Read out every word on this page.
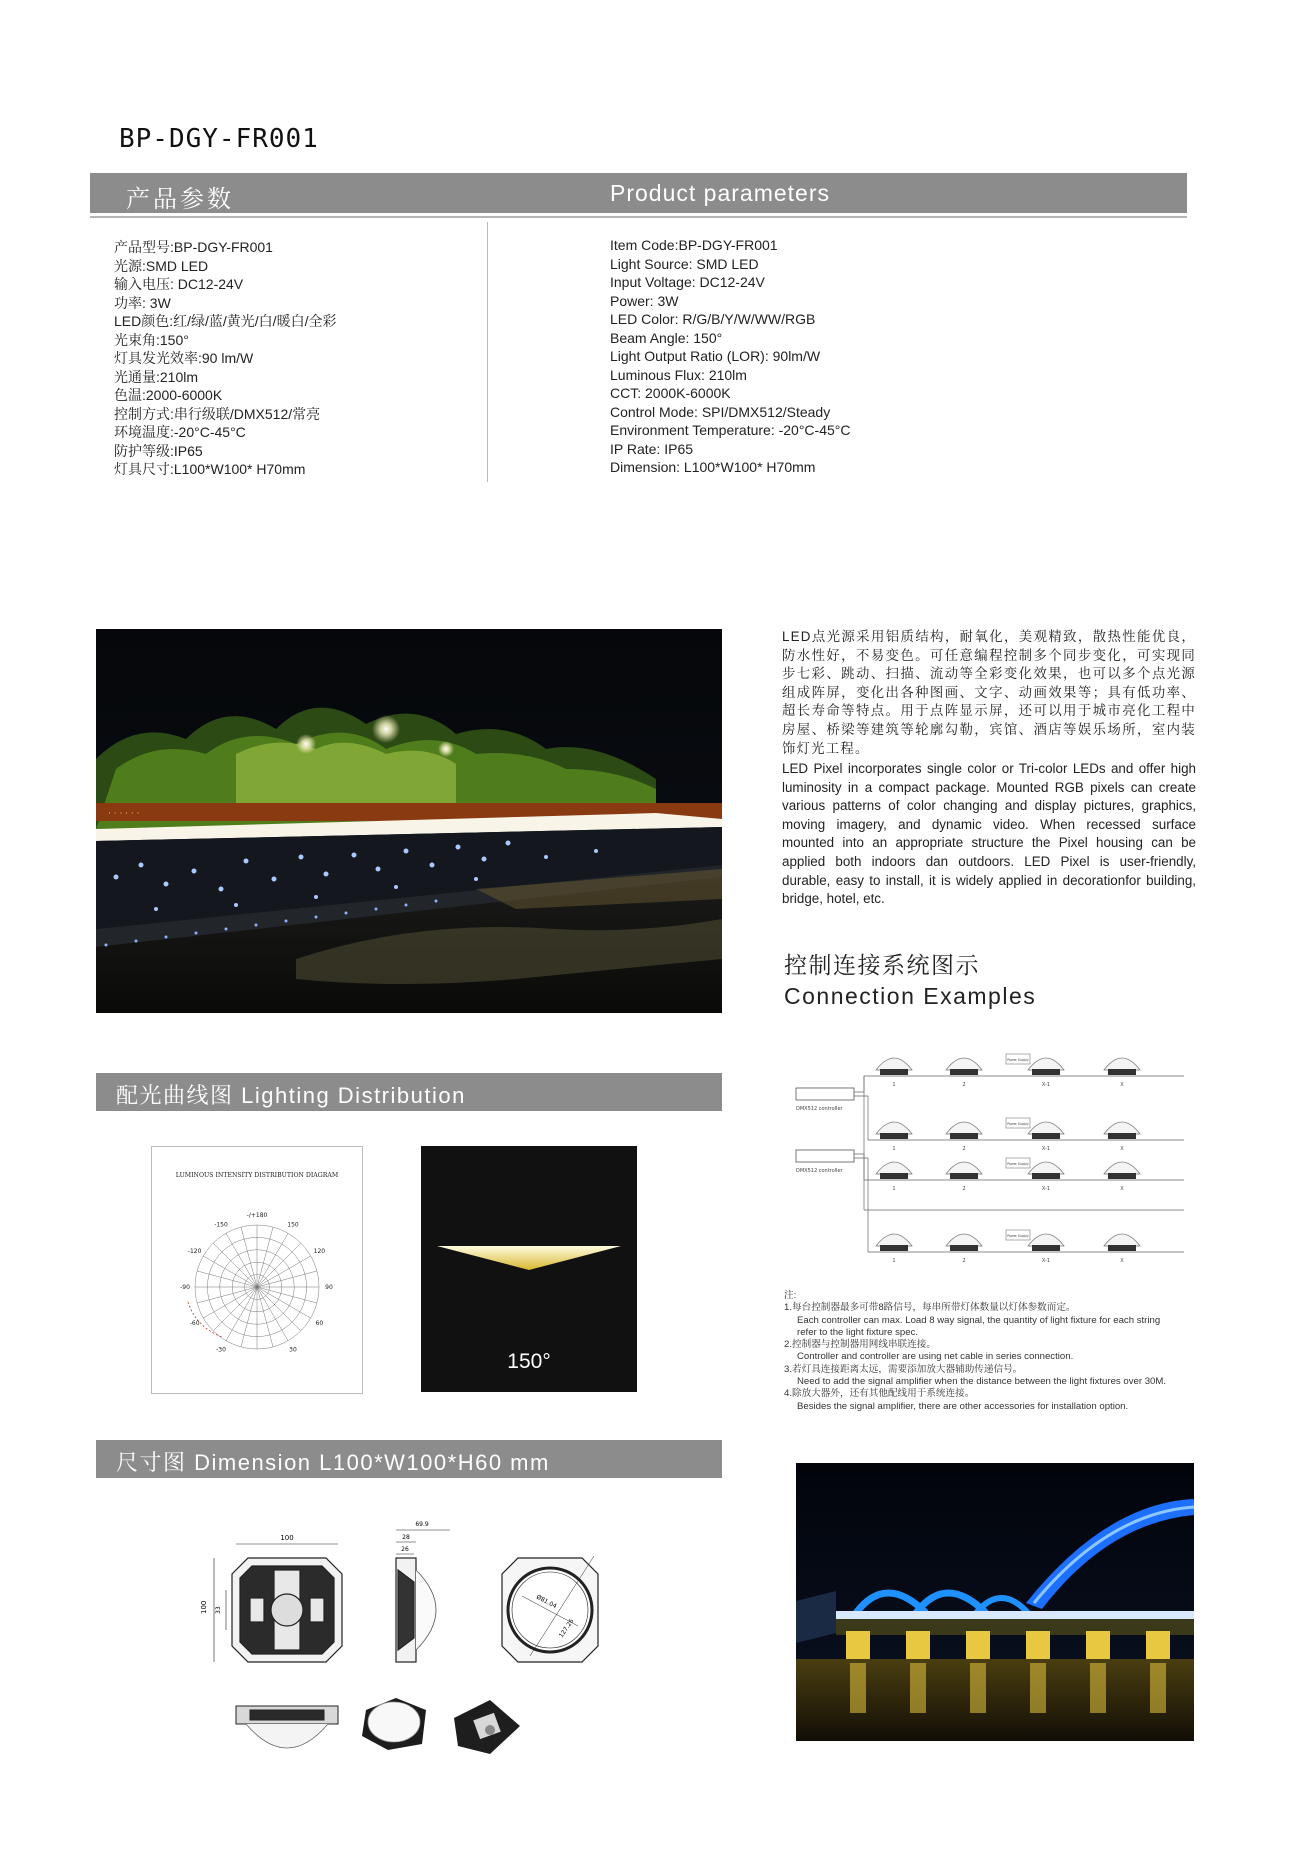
BP-DGY-FR001
产品参数	Product parameters
产品型号:BP-DGY-FR001
光源:SMD LED
输入电压: DC12-24V
功率: 3W
LED颜色:红/绿/蓝/黄光/白/暖白/全彩
光束角:150°
灯具发光效率:90 lm/W
光通量:210lm
色温:2000-6000K
控制方式:串行级联/DMX512/常亮
环境温度:-20°C-45°C
防护等级:IP65
灯具尺寸:L100*W100* H70mm
Item Code:BP-DGY-FR001
Light Source: SMD LED
Input Voltage: DC12-24V
Power: 3W
LED Color: R/G/B/Y/W/WW/RGB
Beam Angle: 150°
Light Output Ratio (LOR): 90lm/W
Luminous Flux: 210lm
CCT: 2000K-6000K
Control Mode: SPI/DMX512/Steady
Environment Temperature: -20°C-45°C
IP Rate: IP65
Dimension: L100*W100* H70mm
· · · · · ·
LED点光源采用铝质结构，耐氧化，美观精致，散热性能优良，防水性好，不易变色。可任意编程控制多个同步变化，可实现同步七彩、跳动、扫描、流动等全彩变化效果，也可以多个点光源组成阵屏，变化出各种图画、文字、动画效果等；具有低功率、超长寿命等特点。用于点阵显示屏，还可以用于城市亮化工程中房屋、桥梁等建筑等轮廓勾勒，宾馆、酒店等娱乐场所，室内装饰灯光工程。
LED Pixel incorporates single color or Tri-color LEDs and offer high luminosity in a compact package. Mounted RGB pixels can create various patterns of color changing and display pictures, graphics, moving imagery, and dynamic video. When recessed surface mounted into an appropriate structure the Pixel housing can be applied both indoors dan outdoors. LED Pixel is user-friendly, durable, easy to install, it is widely applied in decorationfor building, bridge, hotel, etc.
控制连接系统图示
Connection Examples
DMX512 controller
DMX512 controller
1	2	X-1	X
Power Supply
1	2	X-1	X
Power Supply
1	2	X-1	X
Power Supply
1	2	X-1	X
Power Supply
注:
1.每台控制器最多可带8路信号，每串所带灯体数量以灯体参数而定。
Each controller can max. Load 8 way signal, the quantity of light fixture for each string
refer to the light fixture spec.
2.控制器与控制器用网线串联连接。
Controller and controller are using net cable in series connection.
3.若灯具连接距离太远，需要添加放大器辅助传递信号。
Need to add the signal amplifier when the distance between the light fixtures over 30M.
4.除放大器外，还有其他配线用于系统连接。
Besides the signal amplifier, there are other accessories for installation option.
配光曲线图 Lighting Distribution
LUMINOUS INTENSITY DISTRIBUTION DIAGRAM
-/+180
-150	150
-120	120
-90	90
-60	60
-30	30
150°
尺寸图 Dimension L100*W100*H60 mm
100
100 33
69.9
28
26
Ø81.04
127.26
